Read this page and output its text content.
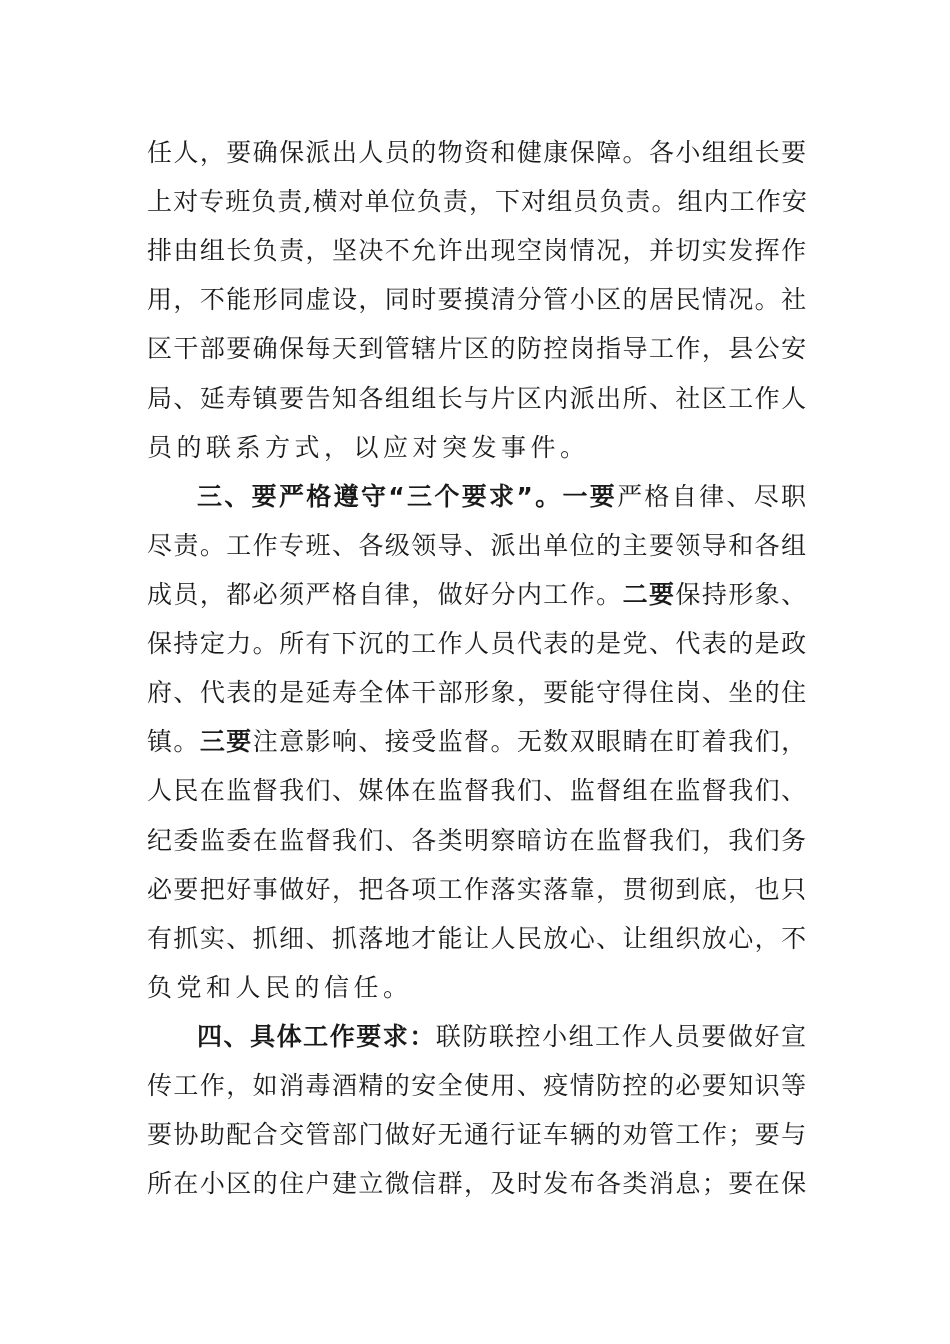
任人，要确保派出人员的物资和健康保障。各小组组长要
上对专班负责,横对单位负责，下对组员负责。组内工作安
排由组长负责，坚决不允许出现空岗情况，并切实发挥作
用，不能形同虚设，同时要摸清分管小区的居民情况。社
区干部要确保每天到管辖片区的防控岗指导工作，县公安
局、延寿镇要告知各组组长与片区内派出所、社区工作人
员的联系方式，以应对突发事件。
三、要严格遵守“三个要求”。一要严格自律、尽职
尽责。工作专班、各级领导、派出单位的主要领导和各组
成员，都必须严格自律，做好分内工作。二要保持形象、
保持定力。所有下沉的工作人员代表的是党、代表的是政
府、代表的是延寿全体干部形象，要能守得住岗、坐的住
镇。三要注意影响、接受监督。无数双眼睛在盯着我们，
人民在监督我们、媒体在监督我们、监督组在监督我们、
纪委监委在监督我们、各类明察暗访在监督我们，我们务
必要把好事做好，把各项工作落实落靠，贯彻到底，也只
有抓实、抓细、抓落地才能让人民放心、让组织放心，不
负党和人民的信任。
四、具体工作要求：联防联控小组工作人员要做好宣
传工作，如消毒酒精的安全使用、疫情防控的必要知识等
要协助配合交管部门做好无通行证车辆的劝管工作；要与
所在小区的住户建立微信群，及时发布各类消息；要在保
